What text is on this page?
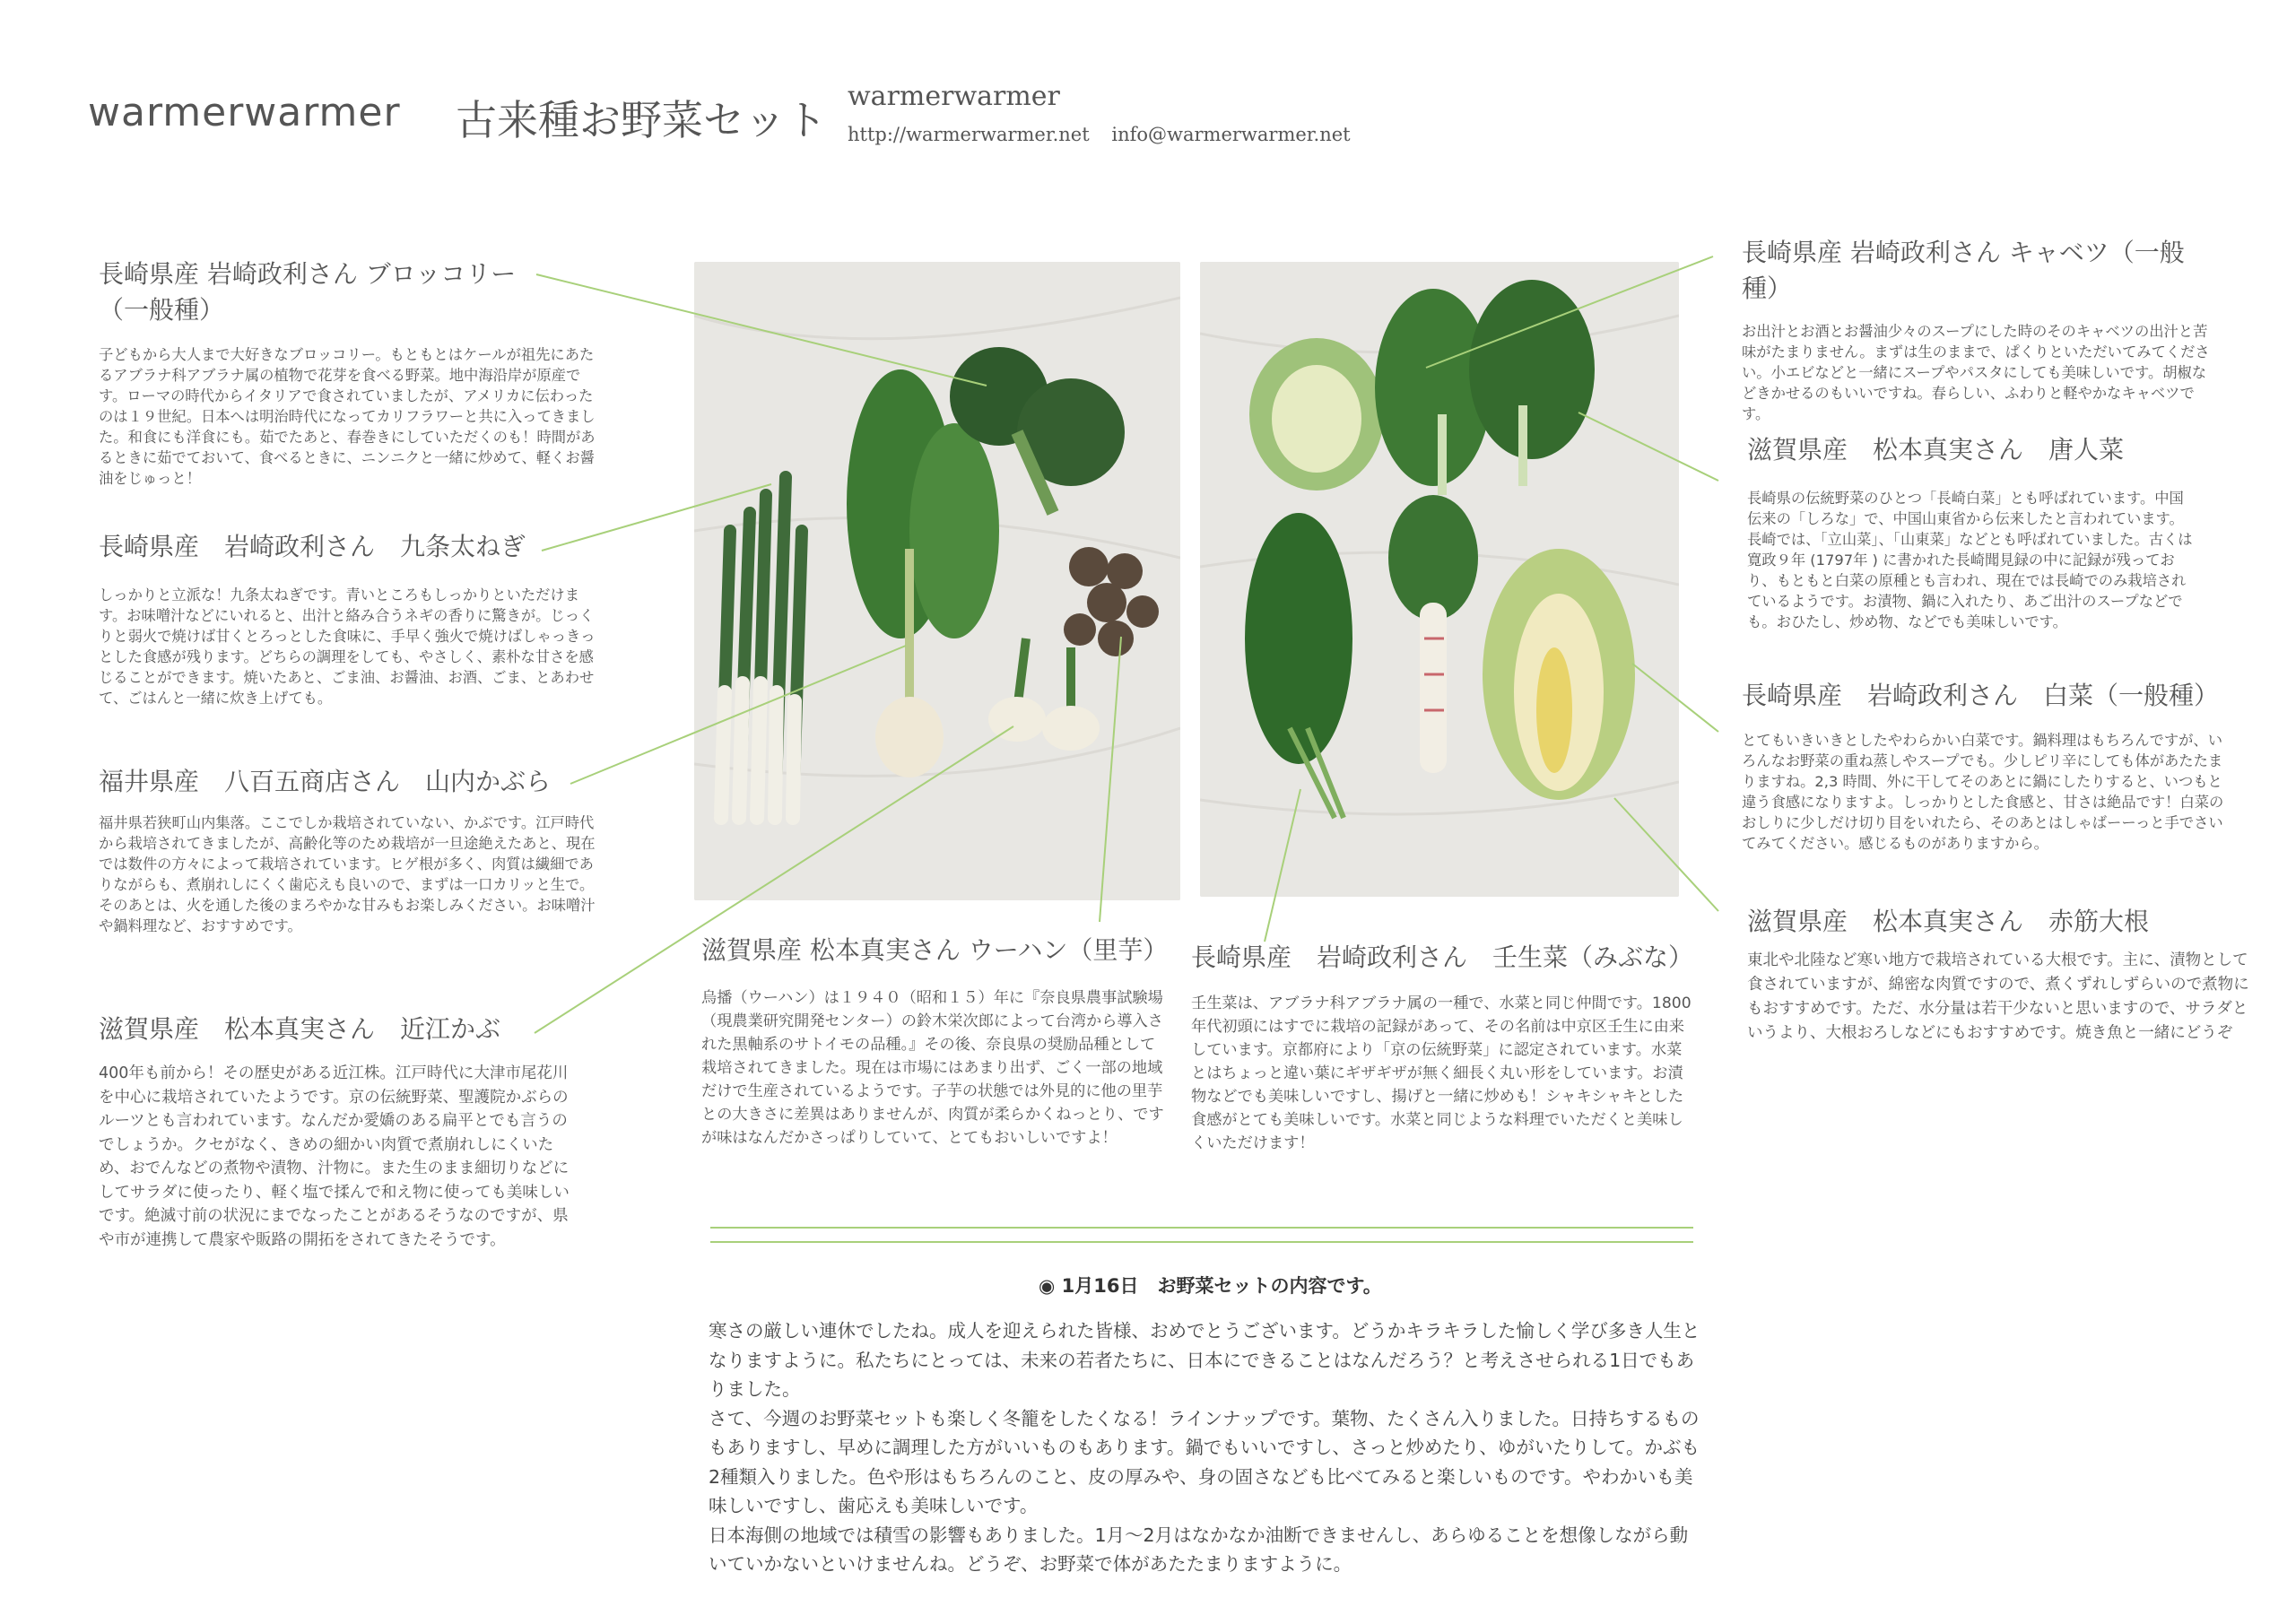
warmerwarmer 古来種お野菜セット warmerwarmer
http://warmerwarmer.net info@warmerwarmer.net
長崎県産 岩崎政利さん ブロッコリー
（一般種）
子どもから大人まで大好きなブロッコリー。もともとはケールが祖先にあたるアブラナ科アブラナ属の植物で花芽を食べる野菜。地中海沿岸が原産です。ローマの時代からイタリアで食されていましたが、アメリカに伝わったのは１９世紀。日本へは明治時代になってカリフラワーと共に入ってきました。和食にも洋食にも。茹でたあと、春巻きにしていただくのも！時間があるときに茹でておいて、食べるときに、ニンニクと一緒に炒めて、軽くお醤油をじゅっと！
長崎県産　岩崎政利さん　九条太ねぎ
しっかりと立派な！九条太ねぎです。青いところもしっかりといただけます。お味噌汁などにいれると、出汁と絡み合うネギの香りに驚きが。じっくりと弱火で焼けば甘くとろっとした食味に、手早く強火で焼けばしゃっきっとした食感が残ります。どちらの調理をしても、やさしく、素朴な甘さを感じることができます。焼いたあと、ごま油、お醤油、お酒、ごま、とあわせて、ごはんと一緒に炊き上げても。
福井県産　八百五商店さん　山内かぶら
福井県若狭町山内集落。ここでしか栽培されていない、かぶです。江戸時代から栽培されてきましたが、高齢化等のため栽培が一旦途絶えたあと、現在では数件の方々によって栽培されています。ヒゲ根が多く、肉質は繊細でありながらも、煮崩れしにくく歯応えも良いので、まずは一口カリッと生で。そのあとは、火を通した後のまろやかな甘みもお楽しみください。お味噌汁や鍋料理など、おすすめです。
滋賀県産　松本真実さん　近江かぶ
400年も前から！その歴史がある近江株。江戸時代に大津市尾花川を中心に栽培されていたようです。京の伝統野菜、聖護院かぶらのルーツとも言われています。なんだか愛嬌のある扁平とでも言うのでしょうか。クセがなく、きめの細かい肉質で煮崩れしにくいため、おでんなどの煮物や漬物、汁物に。また生のまま細切りなどにしてサラダに使ったり、軽く塩で揉んで和え物に使っても美味しいです。絶滅寸前の状況にまでなったことがあるそうなのですが、県や市が連携して農家や販路の開拓をされてきたそうです。
滋賀県産 松本真実さん ウーハン（里芋）
烏播（ウーハン）は１９４０（昭和１５）年に『奈良県農事試験場（現農業研究開発センター）の鈴木栄次郎によって台湾から導入された黒軸系のサトイモの品種。』その後、奈良県の奨励品種として栽培されてきました。現在は市場にはあまり出ず、ごく一部の地域だけで生産されているようです。子芋の状態では外見的に他の里芋との大きさに差異はありませんが、肉質が柔らかくねっとり、ですが味はなんだかさっぱりしていて、とてもおいしいですよ！
長崎県産　岩崎政利さん　壬生菜（みぶな）
壬生菜は、アブラナ科アブラナ属の一種で、水菜と同じ仲間です。1800 年代初頭にはすでに栽培の記録があって、その名前は中京区壬生に由来しています。京都府により「京の伝統野菜」に認定されています。水菜とはちょっと違い葉にギザギザが無く細長く丸い形をしています。お漬物などでも美味しいですし、揚げと一緒に炒めも！シャキシャキとした食感がとても美味しいです。水菜と同じような料理でいただくと美味しくいただけます！
長崎県産 岩崎政利さん キャベツ（一般種）
お出汁とお酒とお醤油少々のスープにした時のそのキャベツの出汁と苦味がたまりません。まずは生のままで、ぱくりといただいてみてください。小エビなどと一緒にスープやパスタにしても美味しいです。胡椒などきかせるのもいいですね。春らしい、ふわりと軽やかなキャベツです。
滋賀県産　松本真実さん　唐人菜
長崎県の伝統野菜のひとつ「長崎白菜」とも呼ばれています。中国伝来の「しろな」で、中国山東省から伝来したと言われています。長崎では、「立山菜」、「山東菜」などとも呼ばれていました。古くは寛政９年 (1797年 ) に書かれた長崎聞見録の中に記録が残っており、もともと白菜の原種とも言われ、現在では長崎でのみ栽培されているようです。お漬物、鍋に入れたり、あご出汁のスープなどでも。おひたし、炒め物、などでも美味しいです。
長崎県産　岩崎政利さん　白菜（一般種）
とてもいきいきとしたやわらかい白菜です。鍋料理はもちろんですが、いろんなお野菜の重ね蒸しやスープでも。少しピリ辛にしても体があたたまりますね。2,3 時間、外に干してそのあとに鍋にしたりすると、いつもと違う食感になりますよ。しっかりとした食感と、甘さは絶品です！白菜のおしりに少しだけ切り目をいれたら、そのあとはしゃばーーっと手でさいてみてください。感じるものがありますから。
滋賀県産　松本真実さん　赤筋大根
東北や北陸など寒い地方で栽培されている大根です。主に、漬物として食されていますが、綿密な肉質ですので、煮くずれしずらいので煮物にもおすすめです。ただ、水分量は若干少ないと思いますので、サラダというより、大根おろしなどにもおすすめです。焼き魚と一緒にどうぞ
◉ 1月16日　お野菜セットの内容です。

寒さの厳しい連休でしたね。成人を迎えられた皆様、おめでとうございます。どうかキラキラした愉しく学び多き人生となりますように。私たちにとっては、未来の若者たちに、日本にできることはなんだろう？と考えさせられる1日でもありました。

さて、今週のお野菜セットも楽しく冬籠をしたくなる！ラインナップです。葉物、たくさん入りました。日持ちするものもありますし、早めに調理した方がいいものもあります。鍋でもいいですし、さっと炒めたり、ゆがいたりして。かぶも2種類入りました。色や形はもちろんのこと、皮の厚みや、身の固さなども比べてみると楽しいものです。やわかいも美味しいですし、歯応えも美味しいです。

日本海側の地域では積雪の影響もありました。1月〜2月はなかなか油断できませんし、あらゆることを想像しながら動いていかないといけませんね。どうぞ、お野菜で体があたたまりますように。
